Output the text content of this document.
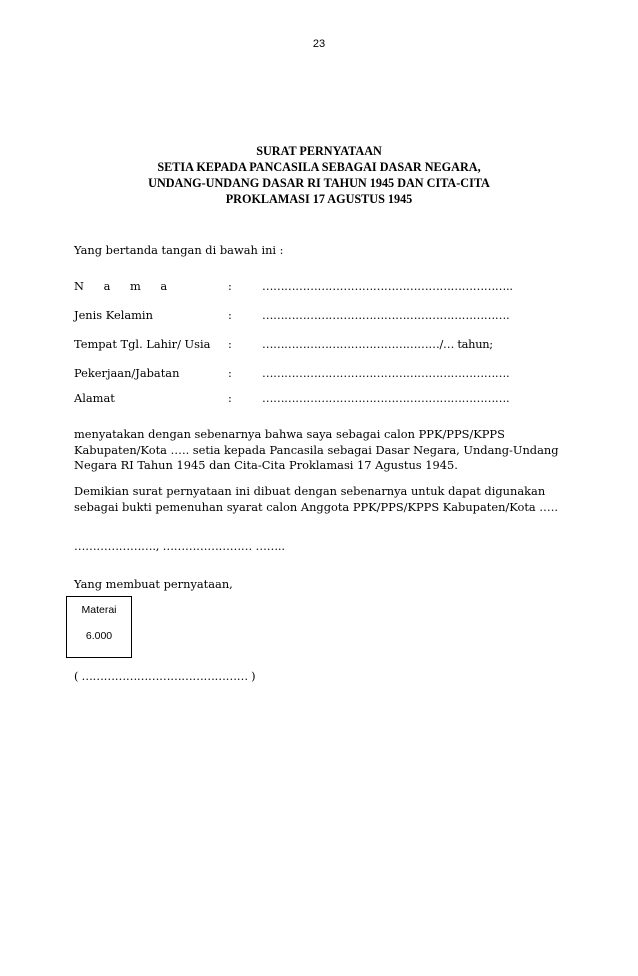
23
SURAT PERNYATAAN
SETIA KEPADA PANCASILA SEBAGAI DASAR NEGARA,
UNDANG-UNDANG DASAR RI TAHUN 1945 DAN CITA-CITA
PROKLAMASI 17 AGUSTUS 1945
Yang bertanda tangan di bawah ini :
N a m a	:	…………………………………………………………..
Jenis Kelamin	:	………………………………………………………….
Tempat Tgl. Lahir/ Usia :	…………………………………………/… tahun;
Pekerjaan/Jabatan	:	………………………………………………………….
Alamat	:	………………………………………………………….
menyatakan dengan sebenarnya bahwa saya sebagai calon PPK/PPS/KPPS Kabupaten/Kota ….. setia kepada Pancasila sebagai Dasar Negara, Undang-Undang Negara RI Tahun 1945 dan Cita-Cita Proklamasi 17 Agustus 1945.
Demikian surat pernyataan ini dibuat dengan sebenarnya untuk dapat digunakan sebagai bukti pemenuhan syarat calon Anggota PPK/PPS/KPPS Kabupaten/Kota …..
…………………., …………………… ……..
Yang membuat pernyataan,
Materai
6.000
( ……………………………………… )
